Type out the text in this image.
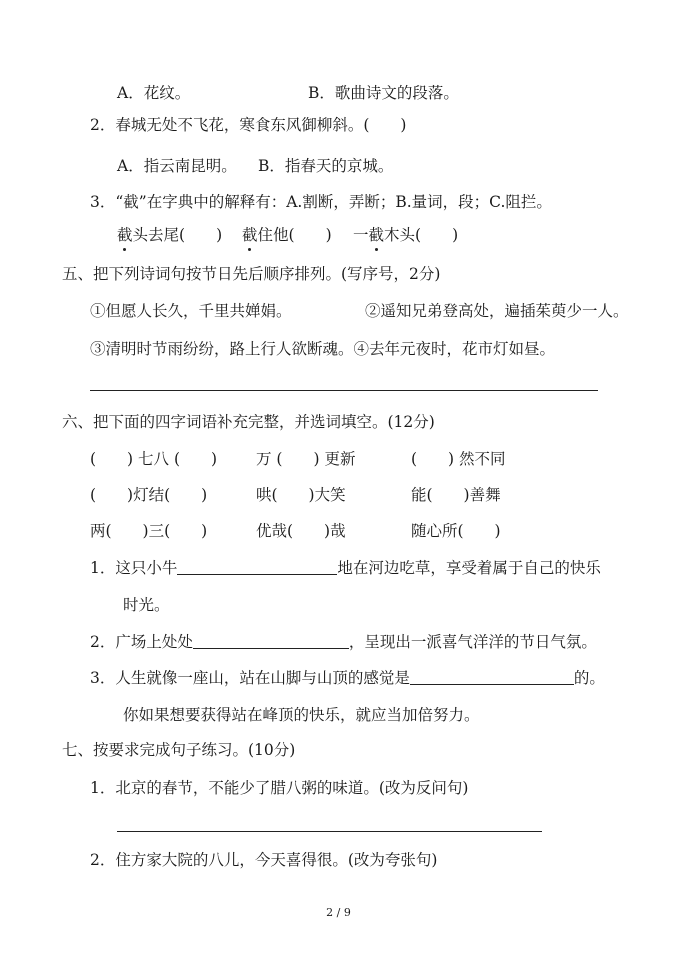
A．花纹。	B．歌曲诗文的段落。
2．春城无处不飞花，寒食东风御柳斜。(　　)
A．指云南昆明。 B．指春天的京城。
3．“截”在字典中的解释有：A.割断，弄断；B.量词，段；C.阻拦。
截头去尾(　　) 截住他(　　) 一截木头(　　)
五、把下列诗词句按节日先后顺序排列。(写序号，2分)
①但愿人长久，千里共婵娟。	②遥知兄弟登高处，遍插茱萸少一人。
③清明时节雨纷纷，路上行人欲断魂。④去年元夜时，花市灯如昼。
六、把下面的四字词语补充完整，并选词填空。(12分)
(　　) 七八 (　　)	万 (　　) 更新	(　　) 然不同
(　　)灯结(　　)	哄(　　)大笑	能(　　)善舞
两(　　)三(　　)	优哉(　　)哉	随心所(　　)
1．这只小牛	地在河边吃草，享受着属于自己的快乐
时光。
2．广场上处处	，呈现出一派喜气洋洋的节日气氛。
3．人生就像一座山，站在山脚与山顶的感觉是	的。
你如果想要获得站在峰顶的快乐，就应当加倍努力。
七、按要求完成句子练习。(10分)
1．北京的春节，不能少了腊八粥的味道。(改为反问句)
2．住方家大院的八儿，今天喜得很。(改为夸张句)
2 / 9
